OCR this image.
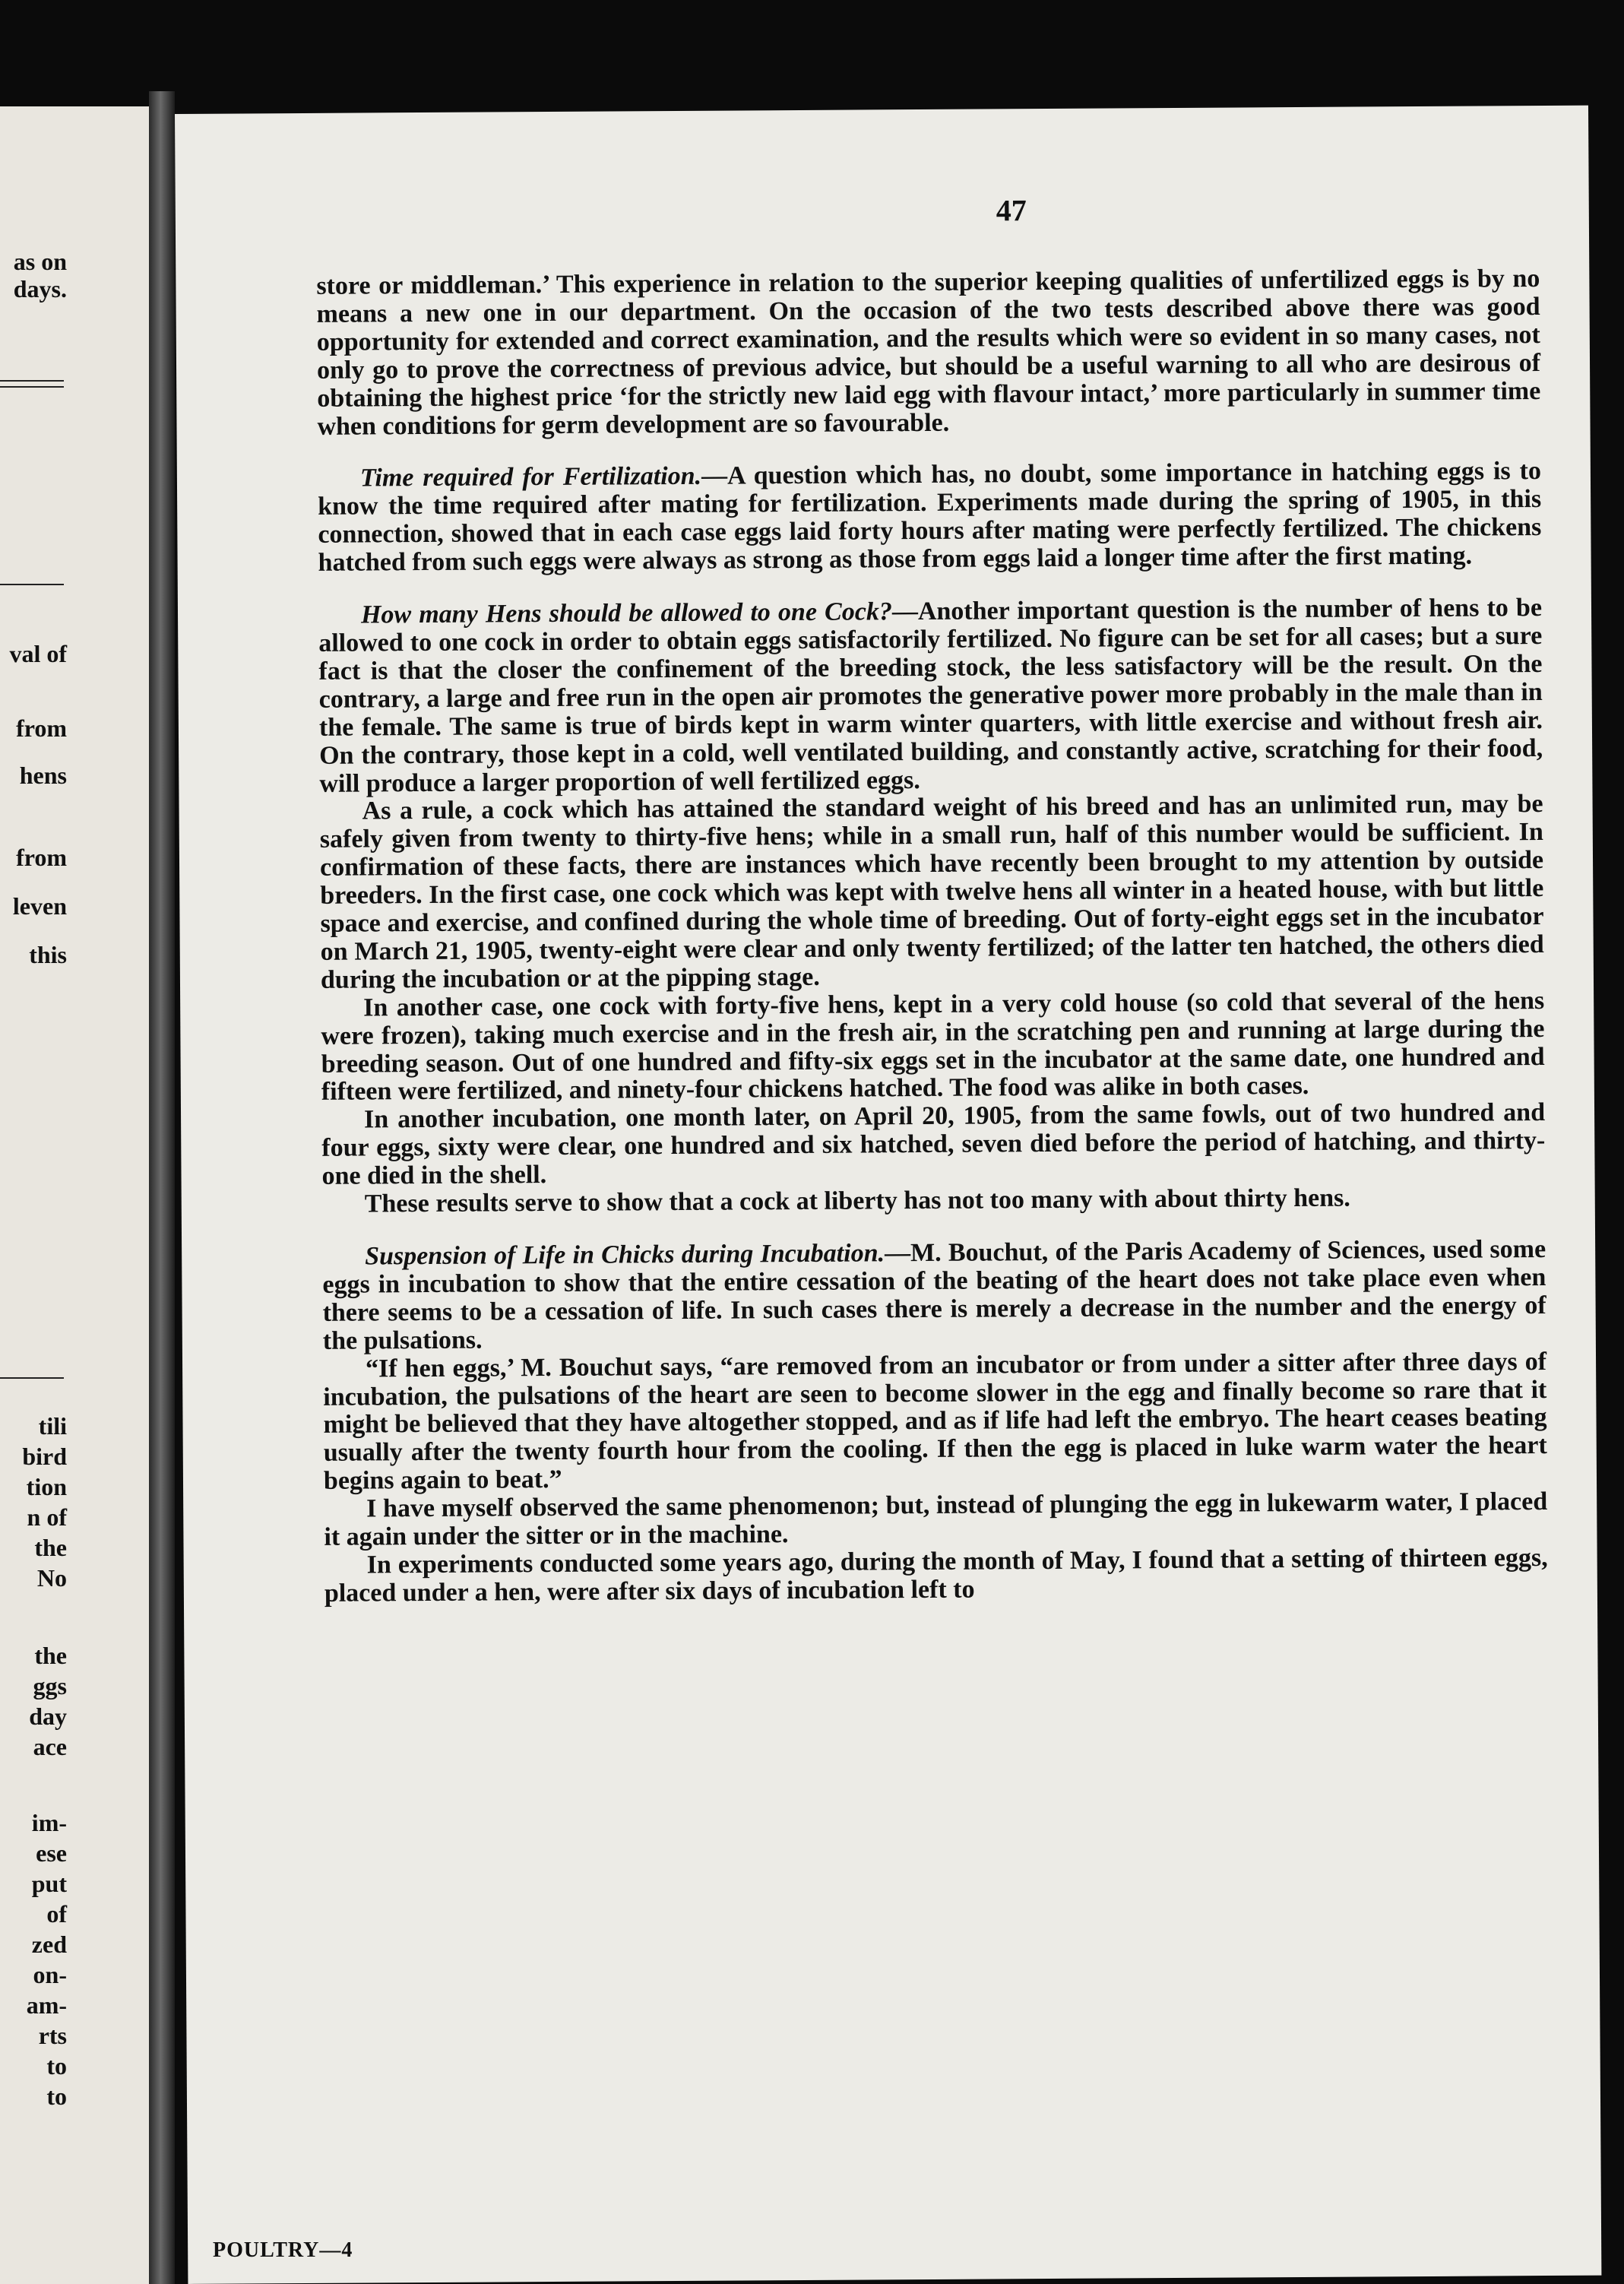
as on
days.
val of
from
hens
from
leven
this
tili
bird
tion
n of
the
No
the
ggs
day
ace
im-
ese
put
of
zed
on-
am-
rts
to
to
47

store or middleman.’ This experience in relation to the superior keeping qualities of unfertilized eggs is by no means a new one in our department. On the occasion of the two tests described above there was good opportunity for extended and correct examination, and the results which were so evident in so many cases, not only go to prove the correctness of previous advice, but should be a useful warning to all who are desirous of obtaining the highest price ‘for the strictly new laid egg with flavour intact,’ more particularly in summer time when conditions for germ development are so favourable.

Time required for Fertilization.—A question which has, no doubt, some importance in hatching eggs is to know the time required after mating for fertilization. Experiments made during the spring of 1905, in this connection, showed that in each case eggs laid forty hours after mating were perfectly fertilized. The chickens hatched from such eggs were always as strong as those from eggs laid a longer time after the first mating.

How many Hens should be allowed to one Cock?—Another important question is the number of hens to be allowed to one cock in order to obtain eggs satisfactorily fertilized. No figure can be set for all cases; but a sure fact is that the closer the confinement of the breeding stock, the less satisfactory will be the result. On the contrary, a large and free run in the open air promotes the generative power more probably in the male than in the female. The same is true of birds kept in warm winter quarters, with little exercise and without fresh air. On the contrary, those kept in a cold, well ventilated building, and constantly active, scratching for their food, will produce a larger proportion of well fertilized eggs.

As a rule, a cock which has attained the standard weight of his breed and has an unlimited run, may be safely given from twenty to thirty-five hens; while in a small run, half of this number would be sufficient. In confirmation of these facts, there are instances which have recently been brought to my attention by outside breeders. In the first case, one cock which was kept with twelve hens all winter in a heated house, with but little space and exercise, and confined during the whole time of breeding. Out of forty-eight eggs set in the incubator on March 21, 1905, twenty-eight were clear and only twenty fertilized; of the latter ten hatched, the others died during the incubation or at the pipping stage.

In another case, one cock with forty-five hens, kept in a very cold house (so cold that several of the hens were frozen), taking much exercise and in the fresh air, in the scratching pen and running at large during the breeding season. Out of one hundred and fifty-six eggs set in the incubator at the same date, one hundred and fifteen were fertilized, and ninety-four chickens hatched. The food was alike in both cases.

In another incubation, one month later, on April 20, 1905, from the same fowls, out of two hundred and four eggs, sixty were clear, one hundred and six hatched, seven died before the period of hatching, and thirty-one died in the shell.

These results serve to show that a cock at liberty has not too many with about thirty hens.

Suspension of Life in Chicks during Incubation.—M. Bouchut, of the Paris Academy of Sciences, used some eggs in incubation to show that the entire cessation of the beating of the heart does not take place even when there seems to be a cessation of life. In such cases there is merely a decrease in the number and the energy of the pulsations.

“If hen eggs,’ M. Bouchut says, “are removed from an incubator or from under a sitter after three days of incubation, the pulsations of the heart are seen to become slower in the egg and finally become so rare that it might be believed that they have altogether stopped, and as if life had left the embryo. The heart ceases beating usually after the twenty fourth hour from the cooling. If then the egg is placed in luke warm water the heart begins again to beat.”

I have myself observed the same phenomenon; but, instead of plunging the egg in lukewarm water, I placed it again under the sitter or in the machine.

In experiments conducted some years ago, during the month of May, I found that a setting of thirteen eggs, placed under a hen, were after six days of incubation left to

POULTRY—4
